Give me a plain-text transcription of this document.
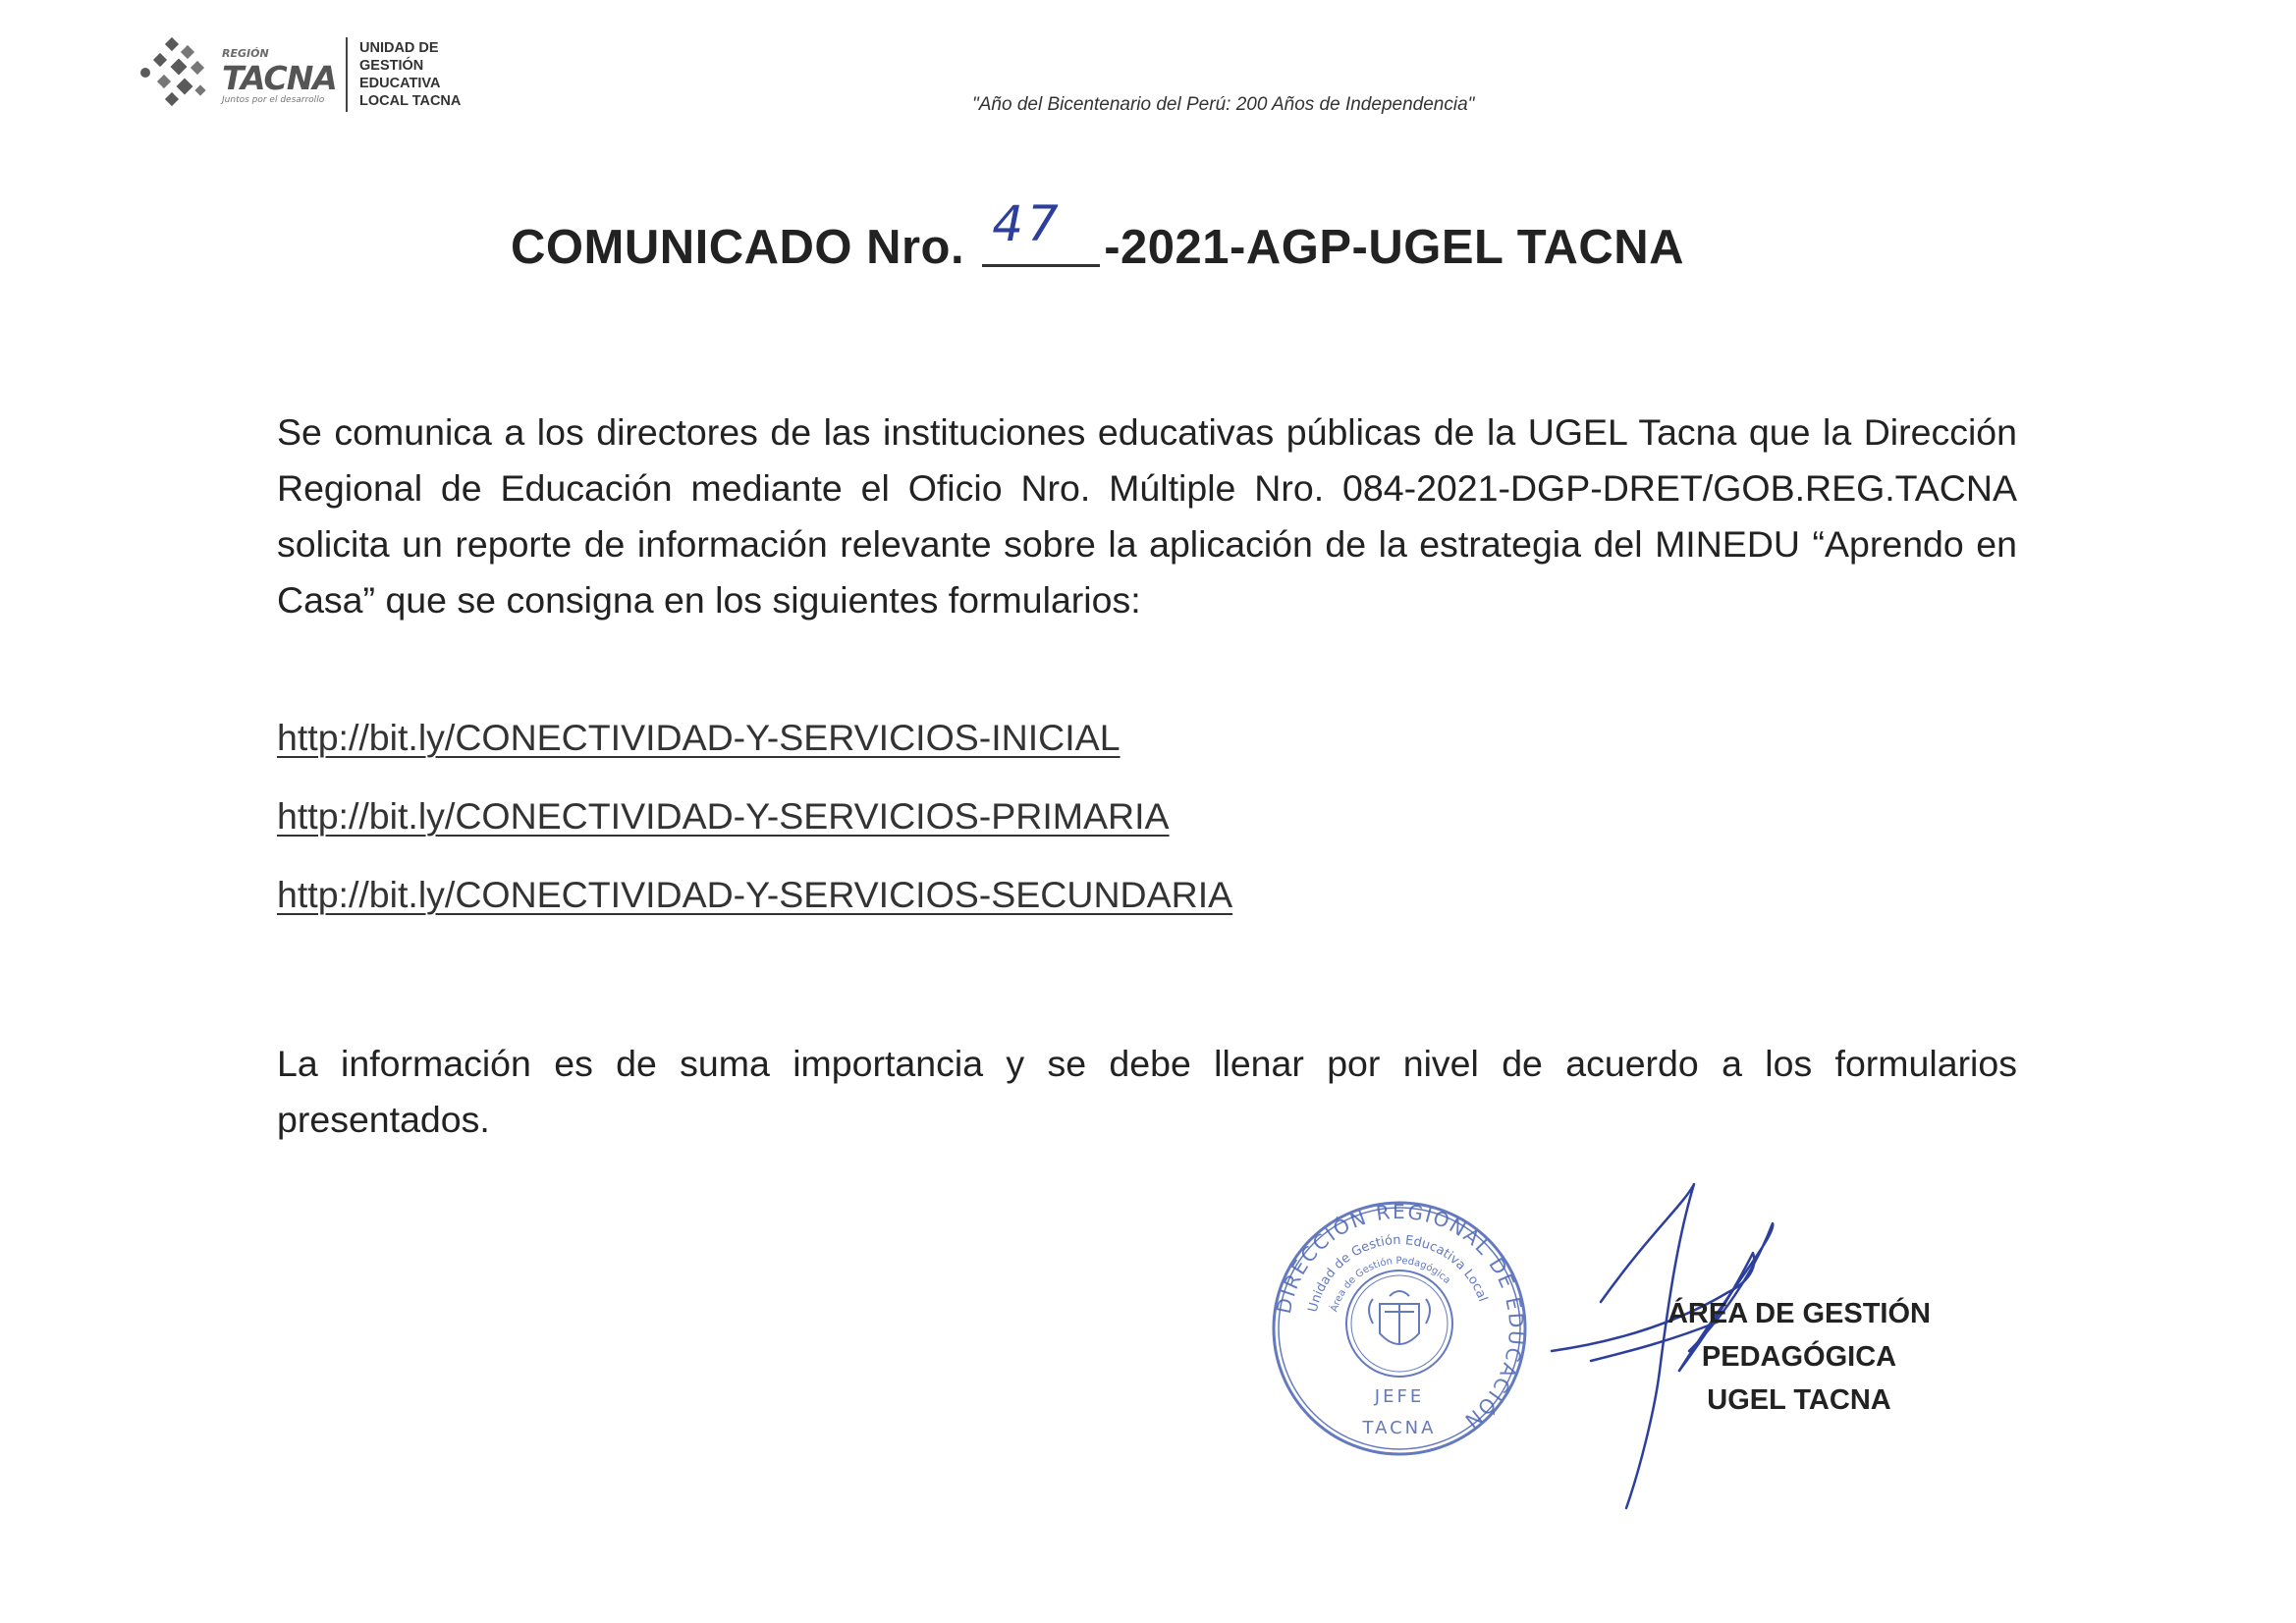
REGIÓN
TACNA
Juntos por el desarrollo
UNIDAD DE
GESTIÓN
EDUCATIVA
LOCAL TACNA	"Año del Bicentenario del Perú: 200 Años de Independencia"
COMUNICADO Nro. 47 -2021-AGP-UGEL TACNA
Se comunica a los directores de las instituciones educativas públicas de la UGEL Tacna que la Dirección Regional de Educación mediante el Oficio Nro. Múltiple Nro. 084-2021-DGP-DRET/GOB.REG.TACNA solicita un reporte de información relevante sobre la aplicación de la estrategia del MINEDU “Aprendo en Casa” que se consigna en los siguientes formularios:
http://bit.ly/CONECTIVIDAD-Y-SERVICIOS-INICIAL
http://bit.ly/CONECTIVIDAD-Y-SERVICIOS-PRIMARIA
http://bit.ly/CONECTIVIDAD-Y-SERVICIOS-SECUNDARIA
La información es de suma importancia y se debe llenar por nivel de acuerdo a los formularios presentados.
DIRECCIÓN REGIONAL DE EDUCACIÓN
Unidad de Gestión Educativa Local
Área de Gestión Pedagógica
JEFE
TACNA
ÁREA DE GESTIÓN PEDAGÓGICA
UGEL TACNA
